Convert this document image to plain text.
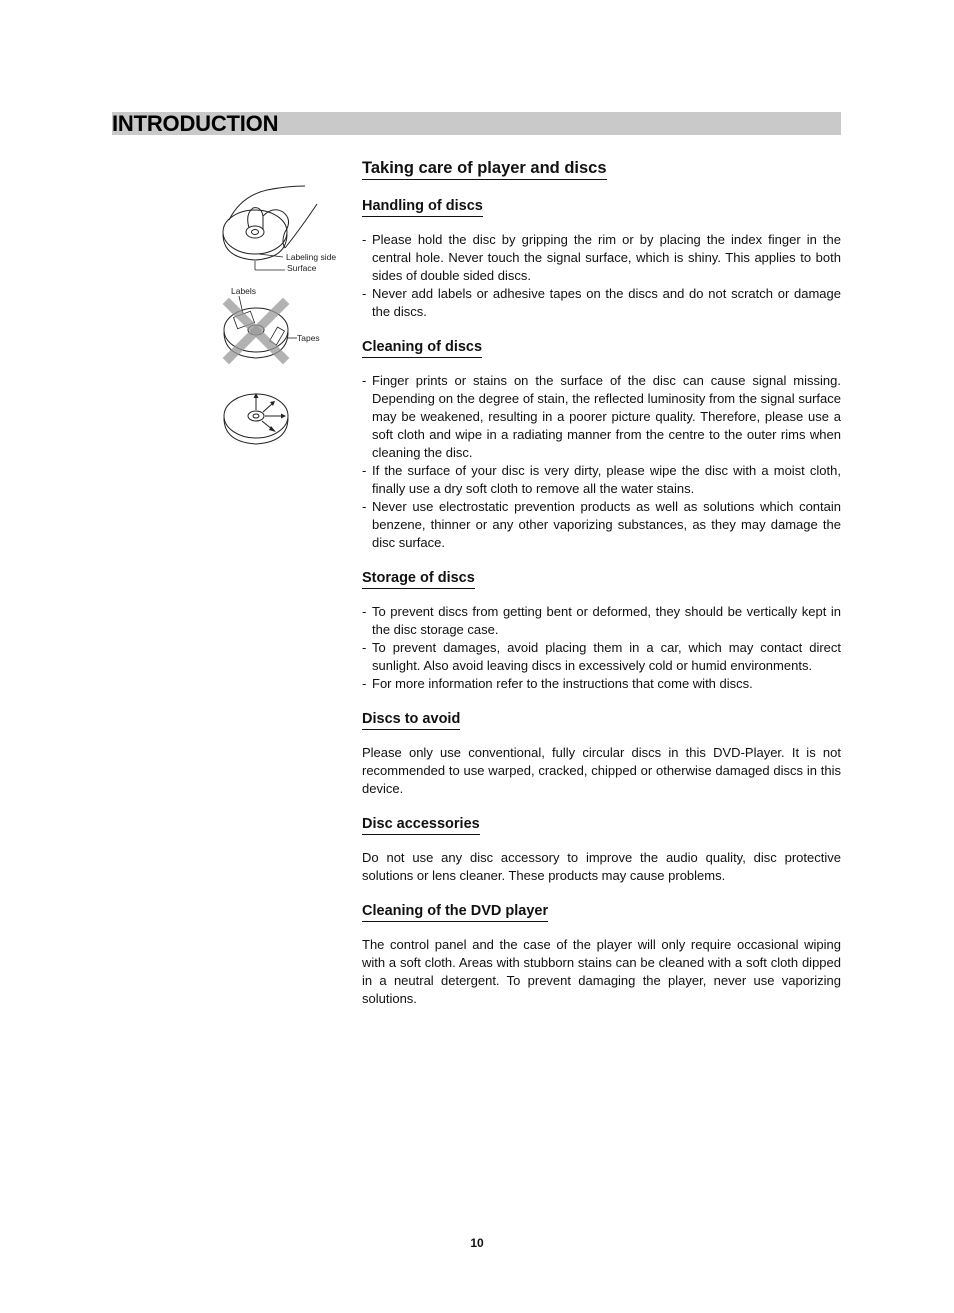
INTRODUCTION
Labeling side
Surface
Labels
Tapes
Taking care of player and discs
Handling of discs
- Please hold the disc by gripping the rim or by placing the index finger in the central hole. Never touch the signal surface, which is shiny. This applies to both sides of double sided discs.
- Never add labels or adhesive tapes on the discs and do not scratch or damage the discs.
Cleaning of discs
- Finger prints or stains on the surface of the disc can cause signal missing. Depending on the degree of stain, the reflected luminosity from the signal surface may be weakened, resulting in a poorer picture quality. Therefore, please use a soft cloth and wipe in a radiating manner from the centre to the outer rims when cleaning the disc.
- If the surface of your disc is very dirty, please wipe the disc with a moist cloth, finally use a dry soft cloth to remove all the water stains.
- Never use electrostatic prevention products as well as solutions which contain benzene, thinner or any other vaporizing substances, as they may damage the disc surface.
Storage of discs
- To prevent discs from getting bent or deformed, they should be vertically kept in the disc storage case.
- To prevent damages, avoid placing them in a car, which may contact direct sunlight. Also avoid leaving discs in excessively cold or humid environments.
- For more information refer to the instructions that come with discs.
Discs to avoid

Please only use conventional, fully circular discs in this DVD-Player. It is not recommended to use warped, cracked, chipped or otherwise damaged discs in this device.

Disc accessories

Do not use any disc accessory to improve the audio quality, disc protective solutions or lens cleaner. These products may cause problems.

Cleaning of the DVD player

The control panel and the case of the player will only require occasional wiping with a soft cloth. Areas with stubborn stains can be cleaned with a soft cloth dipped in a neutral detergent. To prevent damaging the player, never use vaporizing solutions.

10
